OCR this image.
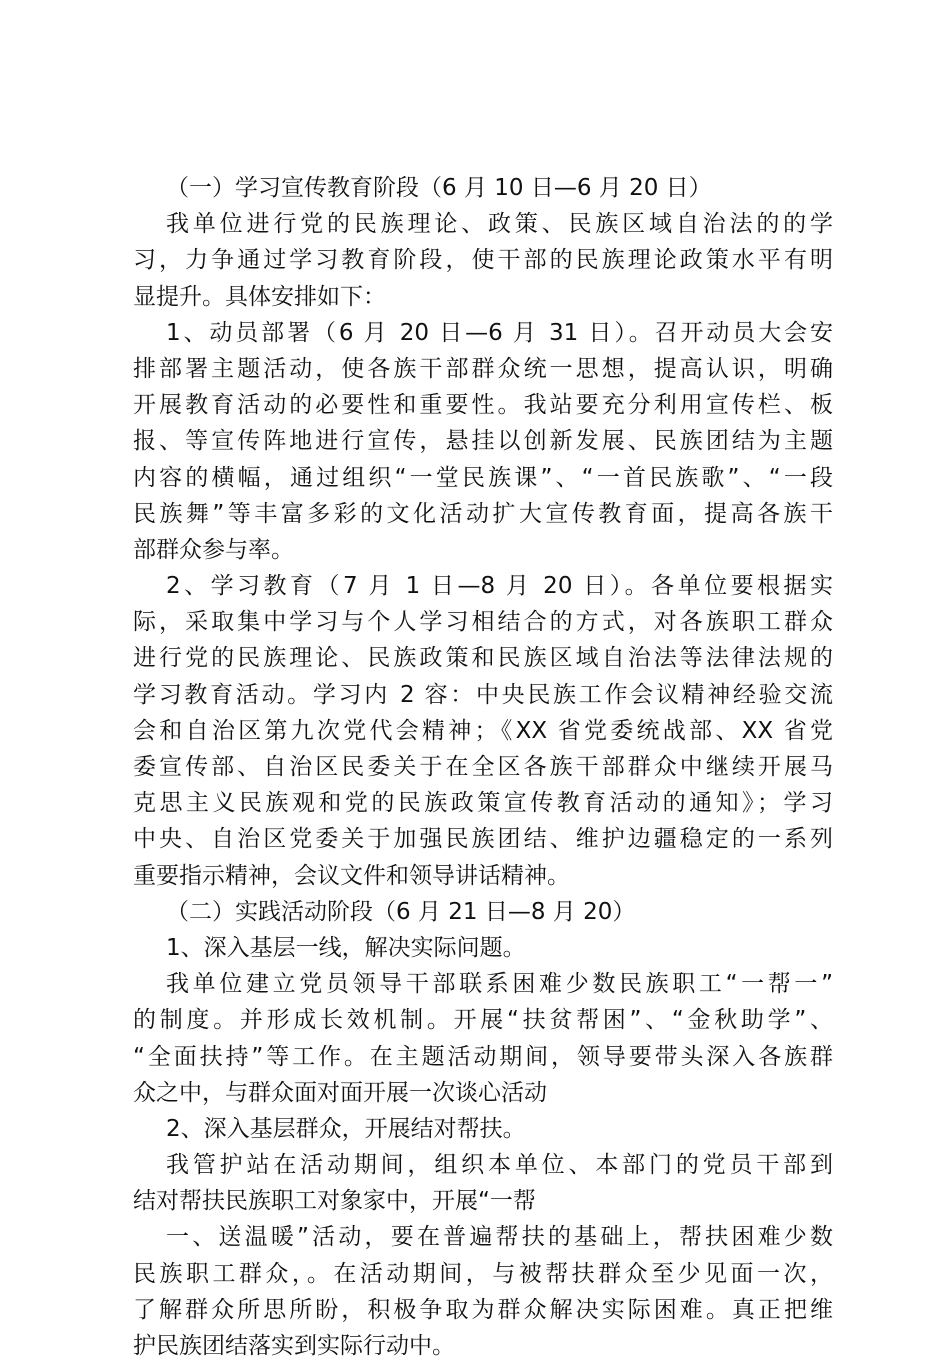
（一）学习宣传教育阶段（6 月 10 日—6 月 20 日）
我单位进行党的民族理论、政策、民族区域自治法的的学
习，力争通过学习教育阶段，使干部的民族理论政策水平有明
显提升。具体安排如下：
1、动员部署（6 月 20 日—6 月 31 日）。召开动员大会安
排部署主题活动，使各族干部群众统一思想，提高认识，明确
开展教育活动的必要性和重要性。我站要充分利用宣传栏、板
报、等宣传阵地进行宣传，悬挂以创新发展、民族团结为主题
内容的横幅，通过组织“一堂民族课”、“一首民族歌”、“一段
民族舞”等丰富多彩的文化活动扩大宣传教育面，提高各族干
部群众参与率。
2、学习教育（7 月 1 日—8 月 20 日）。各单位要根据实
际，采取集中学习与个人学习相结合的方式，对各族职工群众
进行党的民族理论、民族政策和民族区域自治法等法律法规的
学习教育活动。学习内 2 容：中央民族工作会议精神经验交流
会和自治区第九次党代会精神；《XX 省党委统战部、XX 省党
委宣传部、自治区民委关于在全区各族干部群众中继续开展马
克思主义民族观和党的民族政策宣传教育活动的通知》；学习
中央、自治区党委关于加强民族团结、维护边疆稳定的一系列
重要指示精神，会议文件和领导讲话精神。
（二）实践活动阶段（6 月 21 日—8 月 20）
1、深入基层一线，解决实际问题。
我单位建立党员领导干部联系困难少数民族职工“一帮一”
的制度。并形成长效机制。开展“扶贫帮困”、“金秋助学”、
“全面扶持”等工作。在主题活动期间，领导要带头深入各族群
众之中，与群众面对面开展一次谈心活动
2、深入基层群众，开展结对帮扶。
我管护站在活动期间，组织本单位、本部门的党员干部到
结对帮扶民族职工对象家中，开展“一帮
一、送温暖”活动，要在普遍帮扶的基础上，帮扶困难少数
民族职工群众，。在活动期间，与被帮扶群众至少见面一次，
了解群众所思所盼，积极争取为群众解决实际困难。真正把维
护民族团结落实到实际行动中。
